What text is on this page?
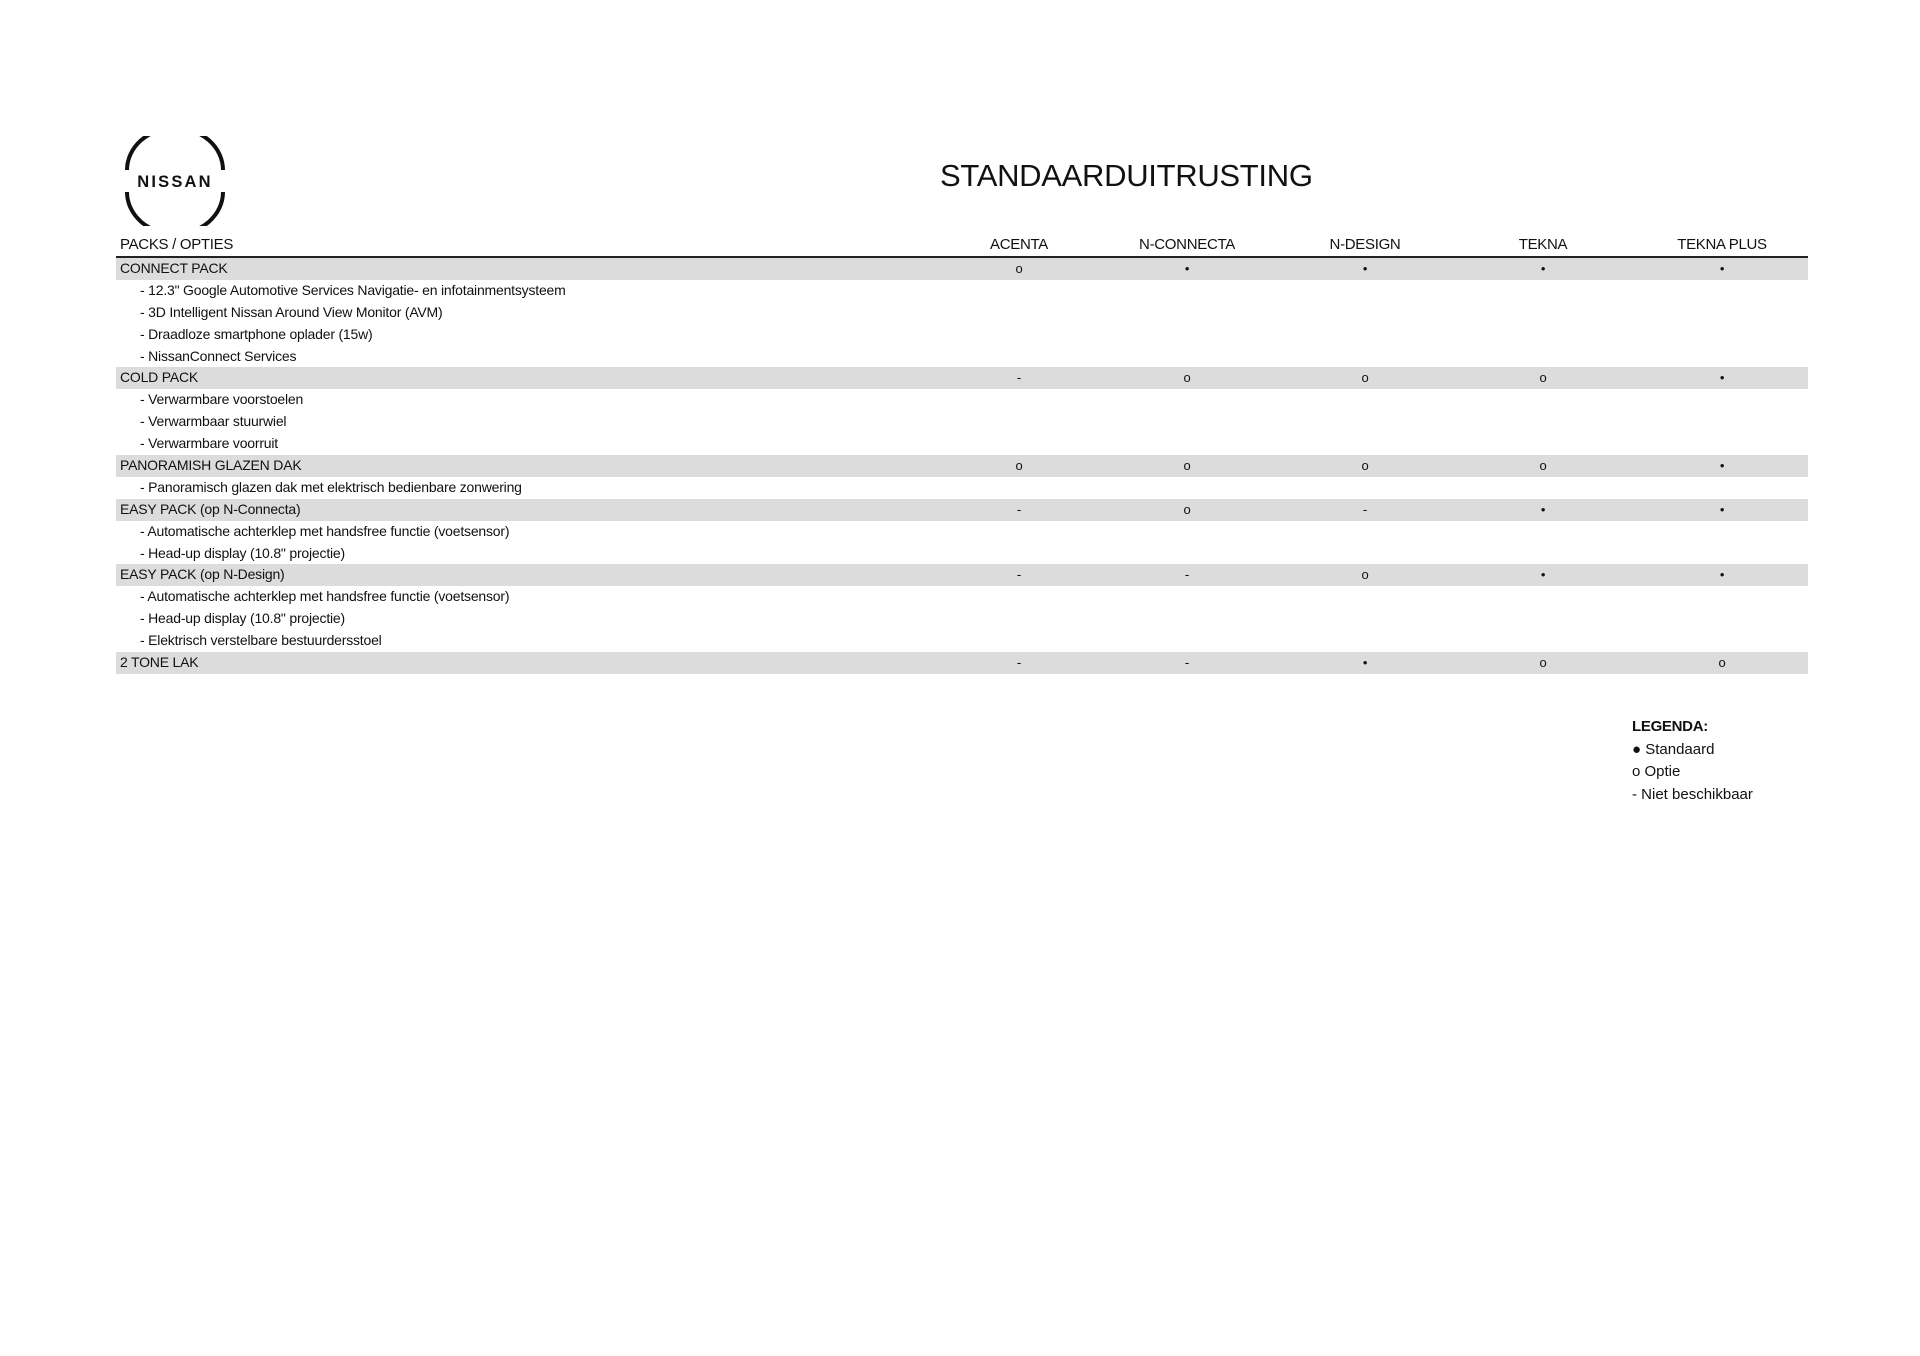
NISSAN	STANDAARDUITRUSTING
PACKS / OPTIES	ACENTA	N-CONNECTA	N-DESIGN	TEKNA	TEKNA PLUS
CONNECT PACK	o	•	•	•	•
- 12.3" Google Automotive Services Navigatie- en infotainmentsysteem
- 3D Intelligent Nissan Around View Monitor (AVM)
- Draadloze smartphone oplader (15w)
- NissanConnect Services
COLD PACK	-	o	o	o	•
- Verwarmbare voorstoelen
- Verwarmbaar stuurwiel
- Verwarmbare voorruit
PANORAMISH GLAZEN DAK	o	o	o	o	•
- Panoramisch glazen dak met elektrisch bedienbare zonwering
EASY PACK (op N-Connecta)	-	o	-	•	•
- Automatische achterklep met handsfree functie (voetsensor)
- Head-up display (10.8" projectie)
EASY PACK (op N-Design)	-	-	o	•	•
- Automatische achterklep met handsfree functie (voetsensor)
- Head-up display (10.8" projectie)
- Elektrisch verstelbare bestuurdersstoel
2 TONE LAK	-	-	•	o	o
LEGENDA:
● Standaard
o Optie
- Niet beschikbaar
